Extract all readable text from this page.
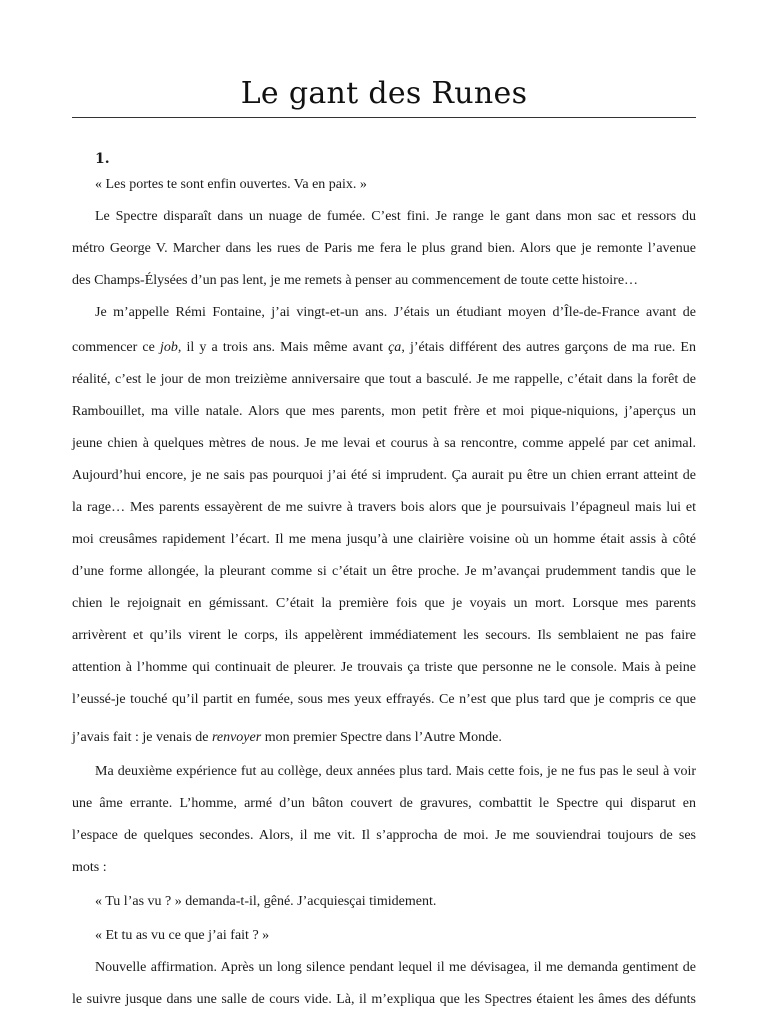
Le gant des Runes
1.
« Les portes te sont enfin ouvertes. Va en paix. »
Le Spectre disparaît dans un nuage de fumée. C’est fini. Je range le gant dans mon sac et ressors du
métro George V. Marcher dans les rues de Paris me fera le plus grand bien. Alors que je remonte l’avenue
des Champs-Élysées d’un pas lent, je me remets à penser au commencement de toute cette histoire…
Je m’appelle Rémi Fontaine, j’ai vingt-et-un ans. J’étais un étudiant moyen d’Île-de-France avant de
commencer ce job, il y a trois ans. Mais même avant ça, j’étais différent des autres garçons de ma rue. En
réalité, c’est le jour de mon treizième anniversaire que tout a basculé. Je me rappelle, c’était dans la forêt de
Rambouillet, ma ville natale. Alors que mes parents, mon petit frère et moi pique-niquions, j’aperçus un
jeune chien à quelques mètres de nous. Je me levai et courus à sa rencontre, comme appelé par cet animal.
Aujourd’hui encore, je ne sais pas pourquoi j’ai été si imprudent. Ça aurait pu être un chien errant atteint de
la rage… Mes parents essayèrent de me suivre à travers bois alors que je poursuivais l’épagneul mais lui et
moi creusâmes rapidement l’écart. Il me mena jusqu’à une clairière voisine où un homme était assis à côté
d’une forme allongée, la pleurant comme si c’était un être proche. Je m’avançai prudemment tandis que le
chien le rejoignait en gémissant. C’était la première fois que je voyais un mort. Lorsque mes parents
arrivèrent et qu’ils virent le corps, ils appelèrent immédiatement les secours. Ils semblaient ne pas faire
attention à l’homme qui continuait de pleurer. Je trouvais ça triste que personne ne le console. Mais à peine
l’eussé-je touché qu’il partit en fumée, sous mes yeux effrayés. Ce n’est que plus tard que je compris ce que
j’avais fait : je venais de renvoyer mon premier Spectre dans l’Autre Monde.
Ma deuxième expérience fut au collège, deux années plus tard. Mais cette fois, je ne fus pas le seul à voir
une âme errante. L’homme, armé d’un bâton couvert de gravures, combattit le Spectre qui disparut en
l’espace de quelques secondes. Alors, il me vit. Il s’approcha de moi. Je me souviendrai toujours de ses
mots :
« Tu l’as vu ? » demanda-t-il, gêné. J’acquiesçai timidement.
« Et tu as vu ce que j’ai fait ? »
Nouvelle affirmation. Après un long silence pendant lequel il me dévisagea, il me demanda gentiment de
le suivre jusque dans une salle de cours vide. Là, il m’expliqua que les Spectres étaient les âmes des défunts
